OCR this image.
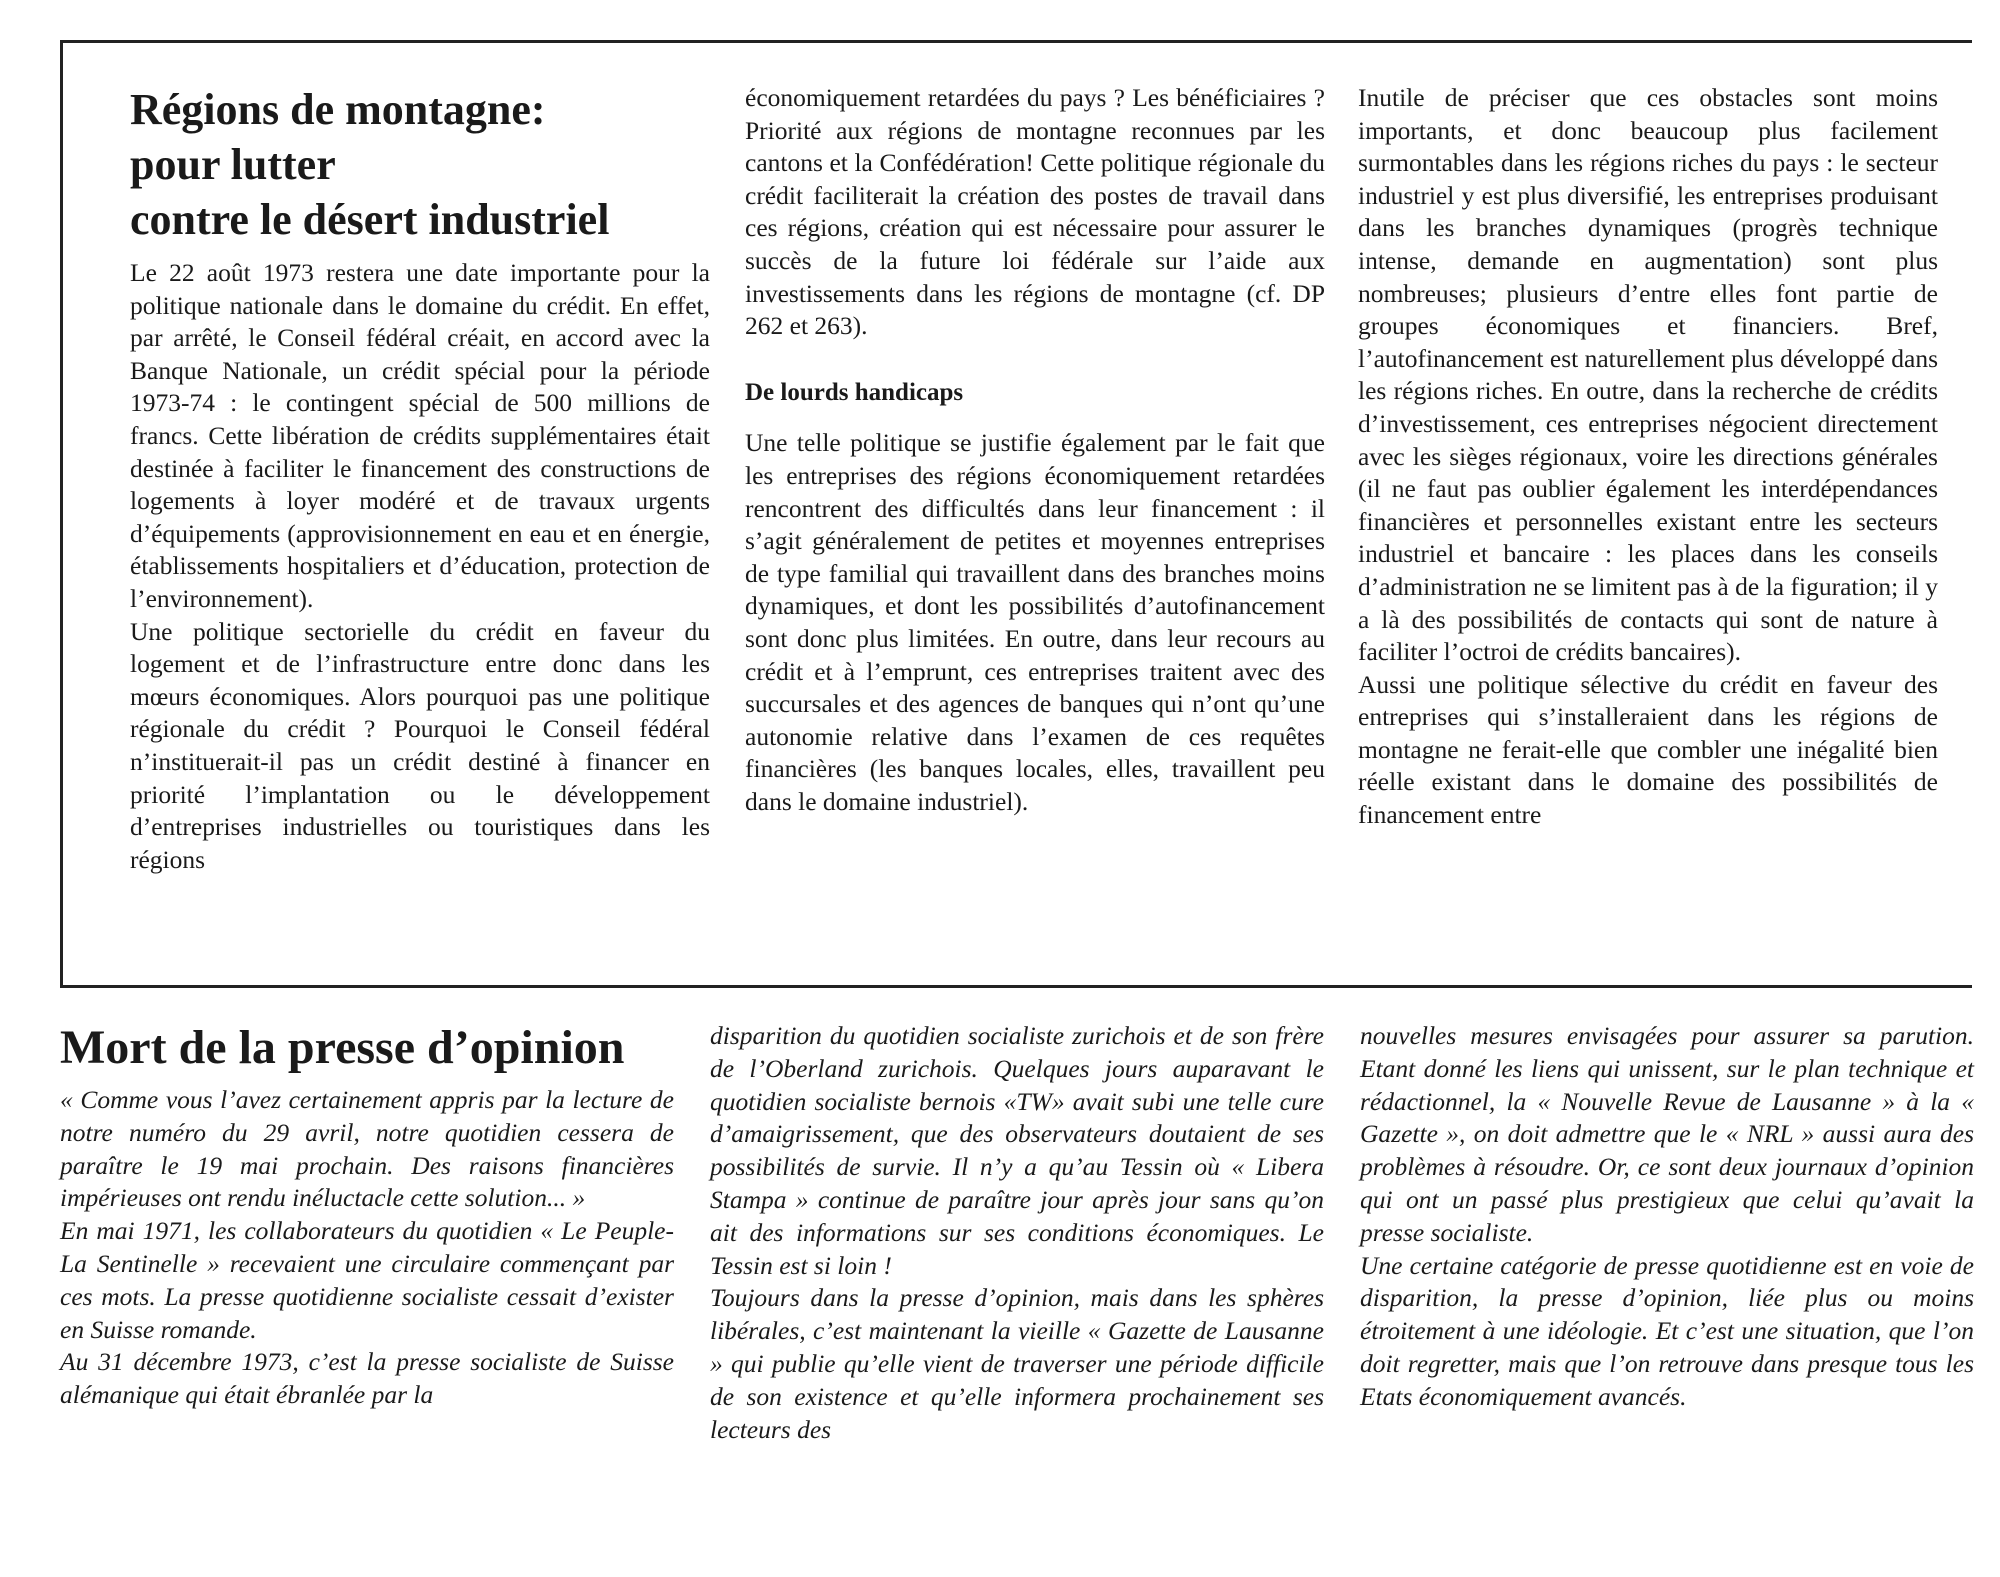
Régions de montagne:
pour lutter
contre le désert industriel

Le 22 août 1973 restera une date importante pour la politique nationale dans le domaine du crédit. En effet, par arrêté, le Conseil fédéral créait, en accord avec la Banque Nationale, un crédit spécial pour la période 1973-74 : le contingent spécial de 500 millions de francs. Cette libération de crédits supplémentaires était destinée à faciliter le financement des constructions de logements à loyer modéré et de travaux urgents d’équipements (approvisionnement en eau et en énergie, établissements hospitaliers et d’éducation, protection de l’environnement).

Une politique sectorielle du crédit en faveur du logement et de l’infrastructure entre donc dans les mœurs économiques. Alors pourquoi pas une politique régionale du crédit ? Pourquoi le Conseil fédéral n’instituerait-il pas un crédit destiné à financer en priorité l’implantation ou le développement d’entreprises industrielles ou touristiques dans les régions

économiquement retardées du pays ? Les bénéficiaires ? Priorité aux régions de montagne reconnues par les cantons et la Confédération! Cette politique régionale du crédit faciliterait la création des postes de travail dans ces régions, création qui est nécessaire pour assurer le succès de la future loi fédérale sur l’aide aux investissements dans les régions de montagne (cf. DP 262 et 263).

De lourds handicaps

Une telle politique se justifie également par le fait que les entreprises des régions économiquement retardées rencontrent des difficultés dans leur financement : il s’agit généralement de petites et moyennes entreprises de type familial qui travaillent dans des branches moins dynamiques, et dont les possibilités d’autofinancement sont donc plus limitées. En outre, dans leur recours au crédit et à l’emprunt, ces entreprises traitent avec des succursales et des agences de banques qui n’ont qu’une autonomie relative dans l’examen de ces requêtes financières (les banques locales, elles, travaillent peu dans le domaine industriel).

Inutile de préciser que ces obstacles sont moins importants, et donc beaucoup plus facilement surmontables dans les régions riches du pays : le secteur industriel y est plus diversifié, les entreprises produisant dans les branches dynamiques (progrès technique intense, demande en augmentation) sont plus nombreuses; plusieurs d’entre elles font partie de groupes économiques et financiers. Bref, l’autofinancement est naturellement plus développé dans les régions riches. En outre, dans la recherche de crédits d’investissement, ces entreprises négocient directement avec les sièges régionaux, voire les directions générales (il ne faut pas oublier également les interdépendances financières et personnelles existant entre les secteurs industriel et bancaire : les places dans les conseils d’administration ne se limitent pas à de la figuration; il y a là des possibilités de contacts qui sont de nature à faciliter l’octroi de crédits bancaires).

Aussi une politique sélective du crédit en faveur des entreprises qui s’installeraient dans les régions de montagne ne ferait-elle que combler une inégalité bien réelle existant dans le domaine des possibilités de financement entre

Mort de la presse d’opinion

« Comme vous l’avez certainement appris par la lecture de notre numéro du 29 avril, notre quotidien cessera de paraître le 19 mai prochain. Des raisons financières impérieuses ont rendu inéluctacle cette solution... »

En mai 1971, les collaborateurs du quotidien « Le Peuple-La Sentinelle » recevaient une circulaire commençant par ces mots. La presse quotidienne socialiste cessait d’exister en Suisse romande.

Au 31 décembre 1973, c’est la presse socialiste de Suisse alémanique qui était ébranlée par la

disparition du quotidien socialiste zurichois et de son frère de l’Oberland zurichois. Quelques jours auparavant le quotidien socialiste bernois «TW» avait subi une telle cure d’amaigrissement, que des observateurs doutaient de ses possibilités de survie. Il n’y a qu’au Tessin où « Libera Stampa » continue de paraître jour après jour sans qu’on ait des informations sur ses conditions économiques. Le Tessin est si loin !

Toujours dans la presse d’opinion, mais dans les sphères libérales, c’est maintenant la vieille « Gazette de Lausanne » qui publie qu’elle vient de traverser une période difficile de son existence et qu’elle informera prochainement ses lecteurs des

nouvelles mesures envisagées pour assurer sa parution. Etant donné les liens qui unissent, sur le plan technique et rédactionnel, la « Nouvelle Revue de Lausanne » à la « Gazette », on doit admettre que le « NRL » aussi aura des problèmes à résoudre. Or, ce sont deux journaux d’opinion qui ont un passé plus prestigieux que celui qu’avait la presse socialiste.

Une certaine catégorie de presse quotidienne est en voie de disparition, la presse d’opinion, liée plus ou moins étroitement à une idéologie. Et c’est une situation, que l’on doit regretter, mais que l’on retrouve dans presque tous les Etats économiquement avancés.
